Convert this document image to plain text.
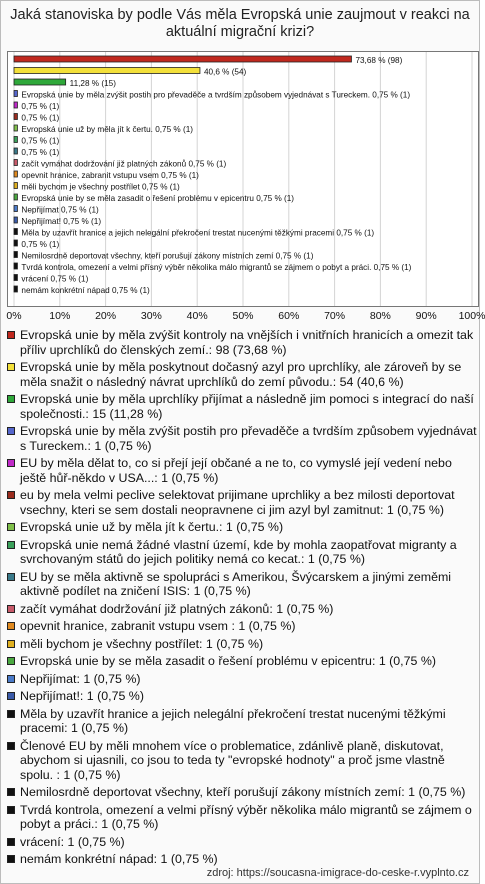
Jaká stanoviska by podle Vás měla Evropská unie zaujmout v reakci na aktuální migrační krizi?
73,68 % (98)
40,6 % (54)
11,28 % (15)
Evropská unie by měla zvýšit postih pro převaděče a tvrdším způsobem vyjednávat s Tureckem. 0,75 % (1)
0,75 % (1)
0,75 % (1)
Evropská unie už by měla jít k čertu. 0,75 % (1)
0,75 % (1)
0,75 % (1)
začít vymáhat dodržování již platných zákonů 0,75 % (1)
opevnit hranice, zabranit vstupu vsem 0,75 % (1)
měli bychom je všechny postřílet 0,75 % (1)
Evropská unie by se měla zasadit o řešení problému v epicentru 0,75 % (1)
Nepřijímat 0,75 % (1)
Nepřijímat! 0,75 % (1)
Měla by uzavřít hranice a jejich nelegální překročení trestat nucenými těžkými pracemi 0,75 % (1)
0,75 % (1)
Nemilosrdně deportovat všechny, kteří porušují zákony místních zemí 0,75 % (1)
Tvrdá kontrola, omezení a velmi přísný výběr několika málo migrantů se zájmem o pobyt a práci. 0,75 % (1)
vrácení 0,75 % (1)
nemám konkrétní nápad 0,75 % (1)
0%	10% 20% 30% 40% 50% 60% 70% 80% 90% 100%
Evropská unie by měla zvýšit kontroly na vnějších i vnitřních hranicích a omezit tak příliv uprchlíků do členských zemí.: 98 (73,68 %)
Evropská unie by měla poskytnout dočasný azyl pro uprchlíky, ale zároveň by se měla snažit o následný návrat uprchlíků do zemí původu.: 54 (40,6 %)
Evropská unie by měla uprchlíky přijímat a následně jim pomoci s integrací do naší společnosti.: 15 (11,28 %)
Evropská unie by měla zvýšit postih pro převaděče a tvrdším způsobem vyjednávat s Tureckem.: 1 (0,75 %)
EU by měla dělat to, co si přejí její občané a ne to, co vymyslé její vedení nebo ještě hůř-někdo v USA...: 1 (0,75 %)
eu by mela velmi peclive selektovat prijimane uprchliky a bez milosti deportovat vsechny, kteri se sem dostali neopravnene ci jim azyl byl zamitnut: 1 (0,75 %)
Evropská unie už by měla jít k čertu.: 1 (0,75 %)
Evropská unie nemá žádné vlastní území, kde by mohla zaopatřovat migranty a svrchovaným států do jejich politiky nemá co kecat.: 1 (0,75 %)
EU by se měla aktivně se spolupráci s Amerikou, Švýcarskem a jinými zeměmi aktivně podílet na zničení ISIS: 1 (0,75 %)
začít vymáhat dodržování již platných zákonů: 1 (0,75 %)
opevnit hranice, zabranit vstupu vsem : 1 (0,75 %)
měli bychom je všechny postřílet: 1 (0,75 %)
Evropská unie by se měla zasadit o řešení problému v epicentru: 1 (0,75 %)
Nepřijímat: 1 (0,75 %)
Nepřijímat!: 1 (0,75 %)
Měla by uzavřít hranice a jejich nelegální překročení trestat nucenými těžkými pracemi: 1 (0,75 %)
Členové EU by měli mnohem více o problematice, zdánlivě planě, diskutovat, abychom si ujasnili, co jsou to teda ty "evropské hodnoty" a proč jsme vlastně spolu. : 1 (0,75 %)
Nemilosrdně deportovat všechny, kteří porušují zákony místních zemí: 1 (0,75 %)
Tvrdá kontrola, omezení a velmi přísný výběr několika málo migrantů se zájmem o pobyt a práci.: 1 (0,75 %)
vrácení: 1 (0,75 %)
nemám konkrétní nápad: 1 (0,75 %)
zdroj: https://soucasna-imigrace-do-ceske-r.vyplnto.cz
